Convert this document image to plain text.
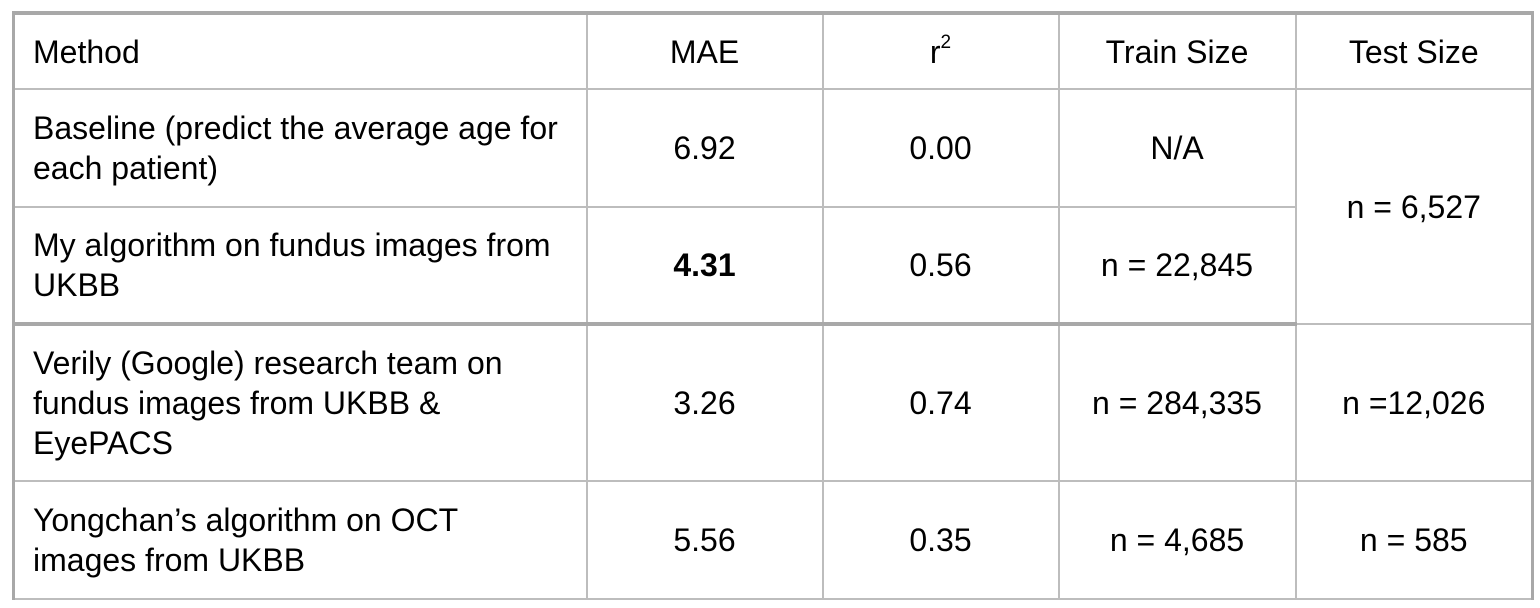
Method	MAE	$r^2$	Train Size	Test Size
Baseline (predict the average age for each patient)	6.92	0.00	N/A	n = 6,527
My algorithm on fundus images from UKBB	4.31	0.56	n = 22,845	
Verily (Google) research team on fundus images from UKBB & EyePACS	3.26	0.74	n = 284,335	n =12,026
Yongchan’s algorithm on OCT images from UKBB	5.56	0.35	n = 4,685	n = 585
